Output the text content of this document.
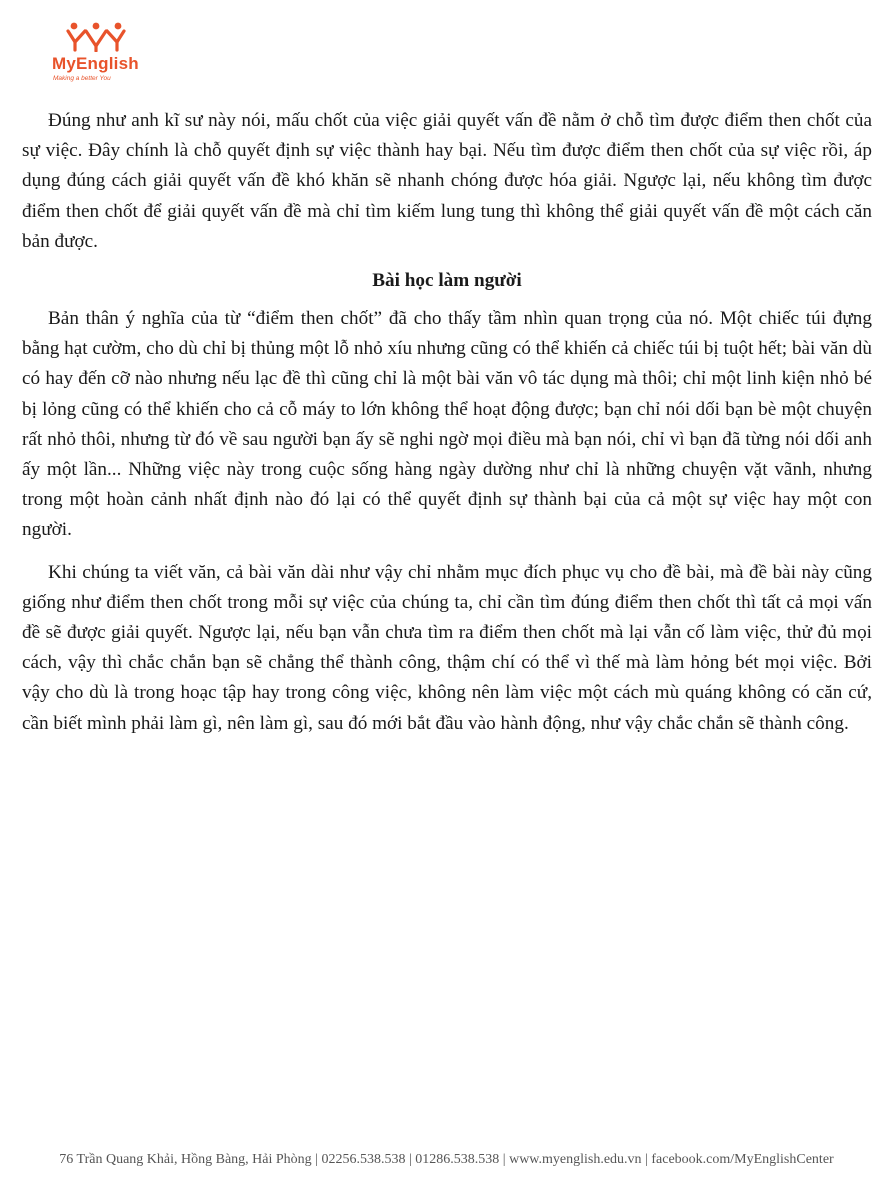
MyEnglish
Making a better You

Đúng như anh kĩ sư này nói, mấu chốt của việc giải quyết vấn đề nằm ở chỗ tìm được điểm then chốt của sự việc. Đây chính là chỗ quyết định sự việc thành hay bại. Nếu tìm được điểm then chốt của sự việc rồi, áp dụng đúng cách giải quyết vấn đề khó khăn sẽ nhanh chóng được hóa giải. Ngược lại, nếu không tìm được điểm then chốt để giải quyết vấn đề mà chỉ tìm kiếm lung tung thì không thể giải quyết vấn đề một cách căn bản được.

Bài học làm người

Bản thân ý nghĩa của từ “điểm then chốt” đã cho thấy tầm nhìn quan trọng của nó. Một chiếc túi đựng bằng hạt cườm, cho dù chỉ bị thủng một lỗ nhỏ xíu nhưng cũng có thể khiến cả chiếc túi bị tuột hết; bài văn dù có hay đến cỡ nào nhưng nếu lạc đề thì cũng chỉ là một bài văn vô tác dụng mà thôi; chỉ một linh kiện nhỏ bé bị lỏng cũng có thể khiến cho cả cỗ máy to lớn không thể hoạt động được; bạn chỉ nói dối bạn bè một chuyện rất nhỏ thôi, nhưng từ đó về sau người bạn ấy sẽ nghi ngờ mọi điều mà bạn nói, chỉ vì bạn đã từng nói dối anh ấy một lần... Những việc này trong cuộc sống hàng ngày dường như chỉ là những chuyện vặt vãnh, nhưng trong một hoàn cảnh nhất định nào đó lại có thể quyết định sự thành bại của cả một sự việc hay một con người.

Khi chúng ta viết văn, cả bài văn dài như vậy chỉ nhằm mục đích phục vụ cho đề bài, mà đề bài này cũng giống như điểm then chốt trong mỗi sự việc của chúng ta, chỉ cần tìm đúng điểm then chốt thì tất cả mọi vấn đề sẽ được giải quyết. Ngược lại, nếu bạn vẫn chưa tìm ra điểm then chốt mà lại vẫn cố làm việc, thử đủ mọi cách, vậy thì chắc chắn bạn sẽ chẳng thể thành công, thậm chí có thể vì thế mà làm hỏng bét mọi việc. Bởi vậy cho dù là trong hoạc tập hay trong công việc, không nên làm việc một cách mù quáng không có căn cứ, cần biết mình phải làm gì, nên làm gì, sau đó mới bắt đầu vào hành động, như vậy chắc chắn sẽ thành công.

76 Trần Quang Khải, Hồng Bàng, Hải Phòng | 02256.538.538 | 01286.538.538 | www.myenglish.edu.vn | facebook.com/MyEnglishCenter
